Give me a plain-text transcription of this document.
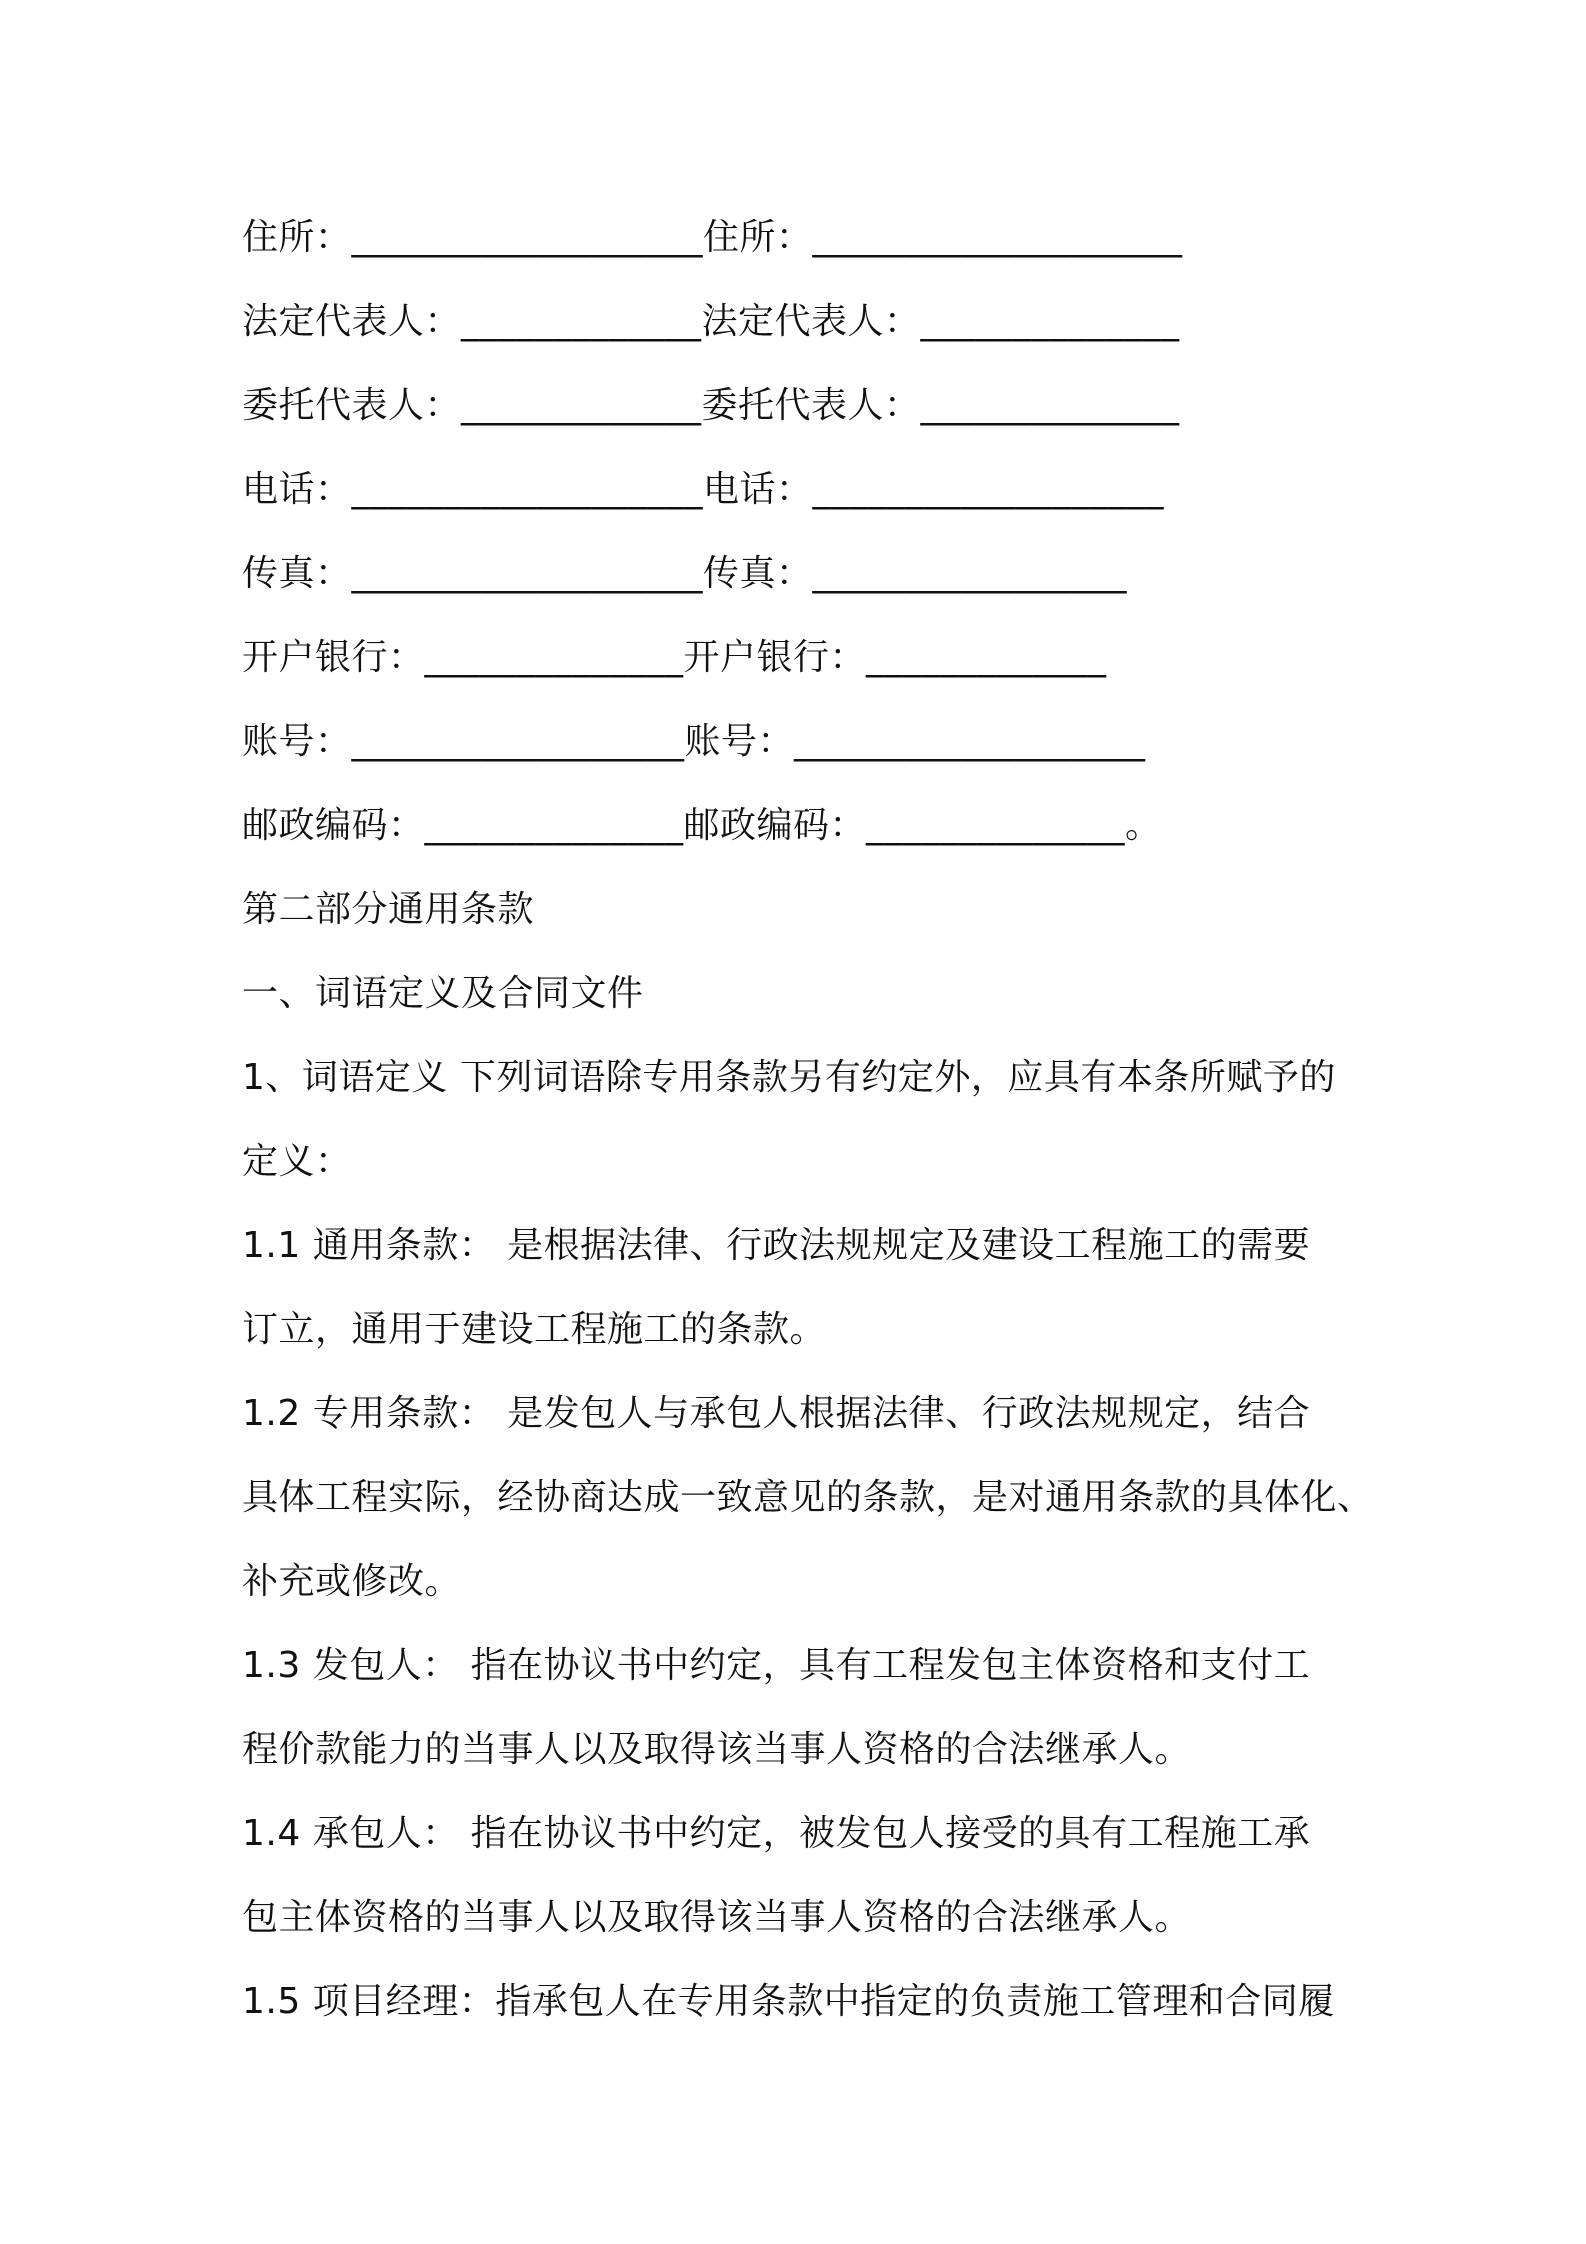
住所：___________________住所：____________________
法定代表人：_____________法定代表人：______________
委托代表人：_____________委托代表人：______________
电话：___________________电话：___________________
传真：___________________传真：_________________
开户银行：______________开户银行：_____________
账号：__________________账号：___________________
邮政编码：______________邮政编码：______________。
第二部分通用条款
一、词语定义及合同文件
1、词语定义 下列词语除专用条款另有约定外，应具有本条所赋予的
定义：
1.1 通用条款： 是根据法律、行政法规规定及建设工程施工的需要
订立，通用于建设工程施工的条款。
1.2 专用条款： 是发包人与承包人根据法律、行政法规规定，结合
具体工程实际，经协商达成一致意见的条款，是对通用条款的具体化、
补充或修改。
1.3 发包人： 指在协议书中约定，具有工程发包主体资格和支付工
程价款能力的当事人以及取得该当事人资格的合法继承人。
1.4 承包人： 指在协议书中约定，被发包人接受的具有工程施工承
包主体资格的当事人以及取得该当事人资格的合法继承人。
1.5 项目经理：指承包人在专用条款中指定的负责施工管理和合同履
